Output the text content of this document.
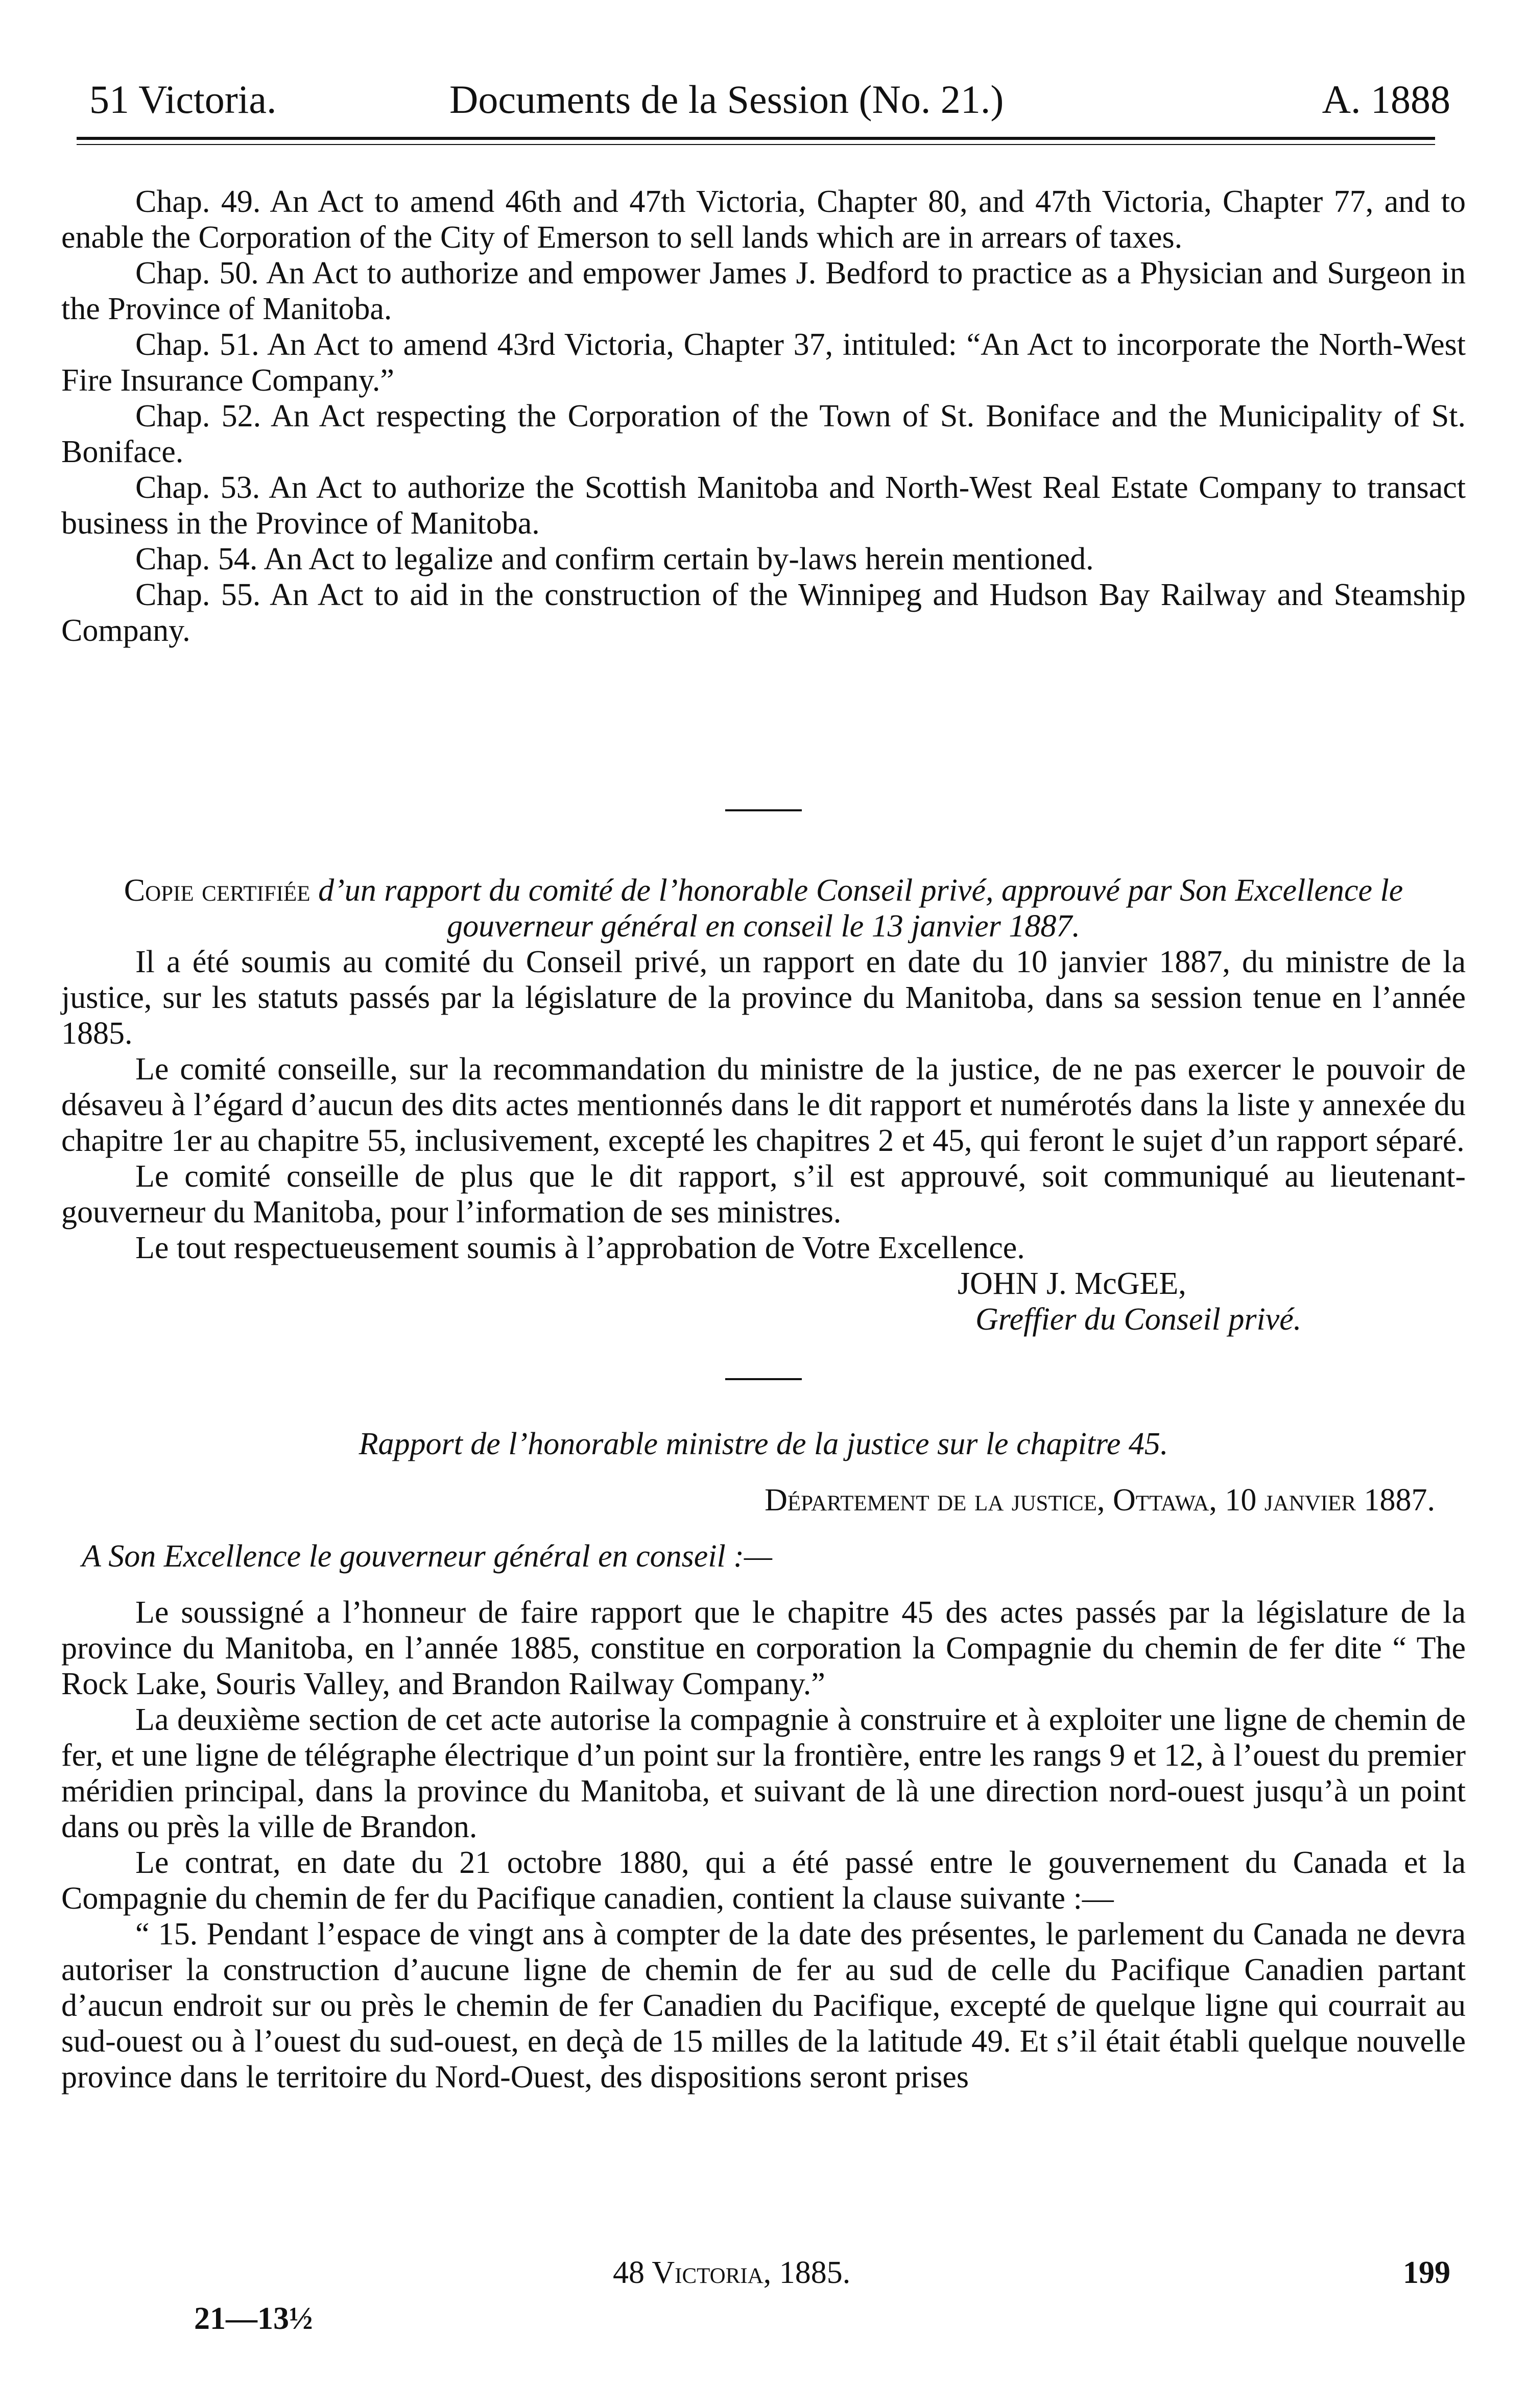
51 Victoria.	Documents de la Session (No. 21.)	A. 1888

Chap. 49. An Act to amend 46th and 47th Victoria, Chapter 80, and 47th Victoria, Chapter 77, and to enable the Corporation of the City of Emerson to sell lands which are in arrears of taxes.

Chap. 50. An Act to authorize and empower James J. Bedford to practice as a Physician and Surgeon in the Province of Manitoba.

Chap. 51. An Act to amend 43rd Victoria, Chapter 37, intituled: “An Act to incorporate the North-West Fire Insurance Company.”

Chap. 52. An Act respecting the Corporation of the Town of St. Boniface and the Municipality of St. Boniface.

Chap. 53. An Act to authorize the Scottish Manitoba and North-West Real Estate Company to transact business in the Province of Manitoba.

Chap. 54. An Act to legalize and confirm certain by-laws herein mentioned.

Chap. 55. An Act to aid in the construction of the Winnipeg and Hudson Bay Railway and Steamship Company.

Copie certifiée d’un rapport du comité de l’honorable Conseil privé, approuvé par Son Excellence le gouverneur général en conseil le 13 janvier 1887.

Il a été soumis au comité du Conseil privé, un rapport en date du 10 janvier 1887, du ministre de la justice, sur les statuts passés par la législature de la province du Manitoba, dans sa session tenue en l’année 1885.

Le comité conseille, sur la recommandation du ministre de la justice, de ne pas exercer le pouvoir de désaveu à l’égard d’aucun des dits actes mentionnés dans le dit rapport et numérotés dans la liste y annexée du chapitre 1er au chapitre 55, inclusivement, excepté les chapitres 2 et 45, qui feront le sujet d’un rapport séparé.

Le comité conseille de plus que le dit rapport, s’il est approuvé, soit communiqué au lieutenant-gouverneur du Manitoba, pour l’information de ses ministres.

Le tout respectueusement soumis à l’approbation de Votre Excellence.

JOHN J. McGEE,

Greffier du Conseil privé.

Rapport de l’honorable ministre de la justice sur le chapitre 45.

Département de la justice, Ottawa, 10 janvier 1887.

A Son Excellence le gouverneur général en conseil :—

Le soussigné a l’honneur de faire rapport que le chapitre 45 des actes passés par la législature de la province du Manitoba, en l’année 1885, constitue en corporation la Compagnie du chemin de fer dite “ The Rock Lake, Souris Valley, and Brandon Railway Company.”

La deuxième section de cet acte autorise la compagnie à construire et à exploiter une ligne de chemin de fer, et une ligne de télégraphe électrique d’un point sur la frontière, entre les rangs 9 et 12, à l’ouest du premier méridien principal, dans la province du Manitoba, et suivant de là une direction nord-ouest jusqu’à un point dans ou près la ville de Brandon.

Le contrat, en date du 21 octobre 1880, qui a été passé entre le gouvernement du Canada et la Compagnie du chemin de fer du Pacifique canadien, contient la clause suivante :—

“ 15. Pendant l’espace de vingt ans à compter de la date des présentes, le parlement du Canada ne devra autoriser la construction d’aucune ligne de chemin de fer au sud de celle du Pacifique Canadien partant d’aucun endroit sur ou près le chemin de fer Canadien du Pacifique, excepté de quelque ligne qui courrait au sud-ouest ou à l’ouest du sud-ouest, en deçà de 15 milles de la latitude 49. Et s’il était établi quelque nouvelle province dans le territoire du Nord-Ouest, des dispositions seront prises

48 Victoria, 1885.	199
21—13½
